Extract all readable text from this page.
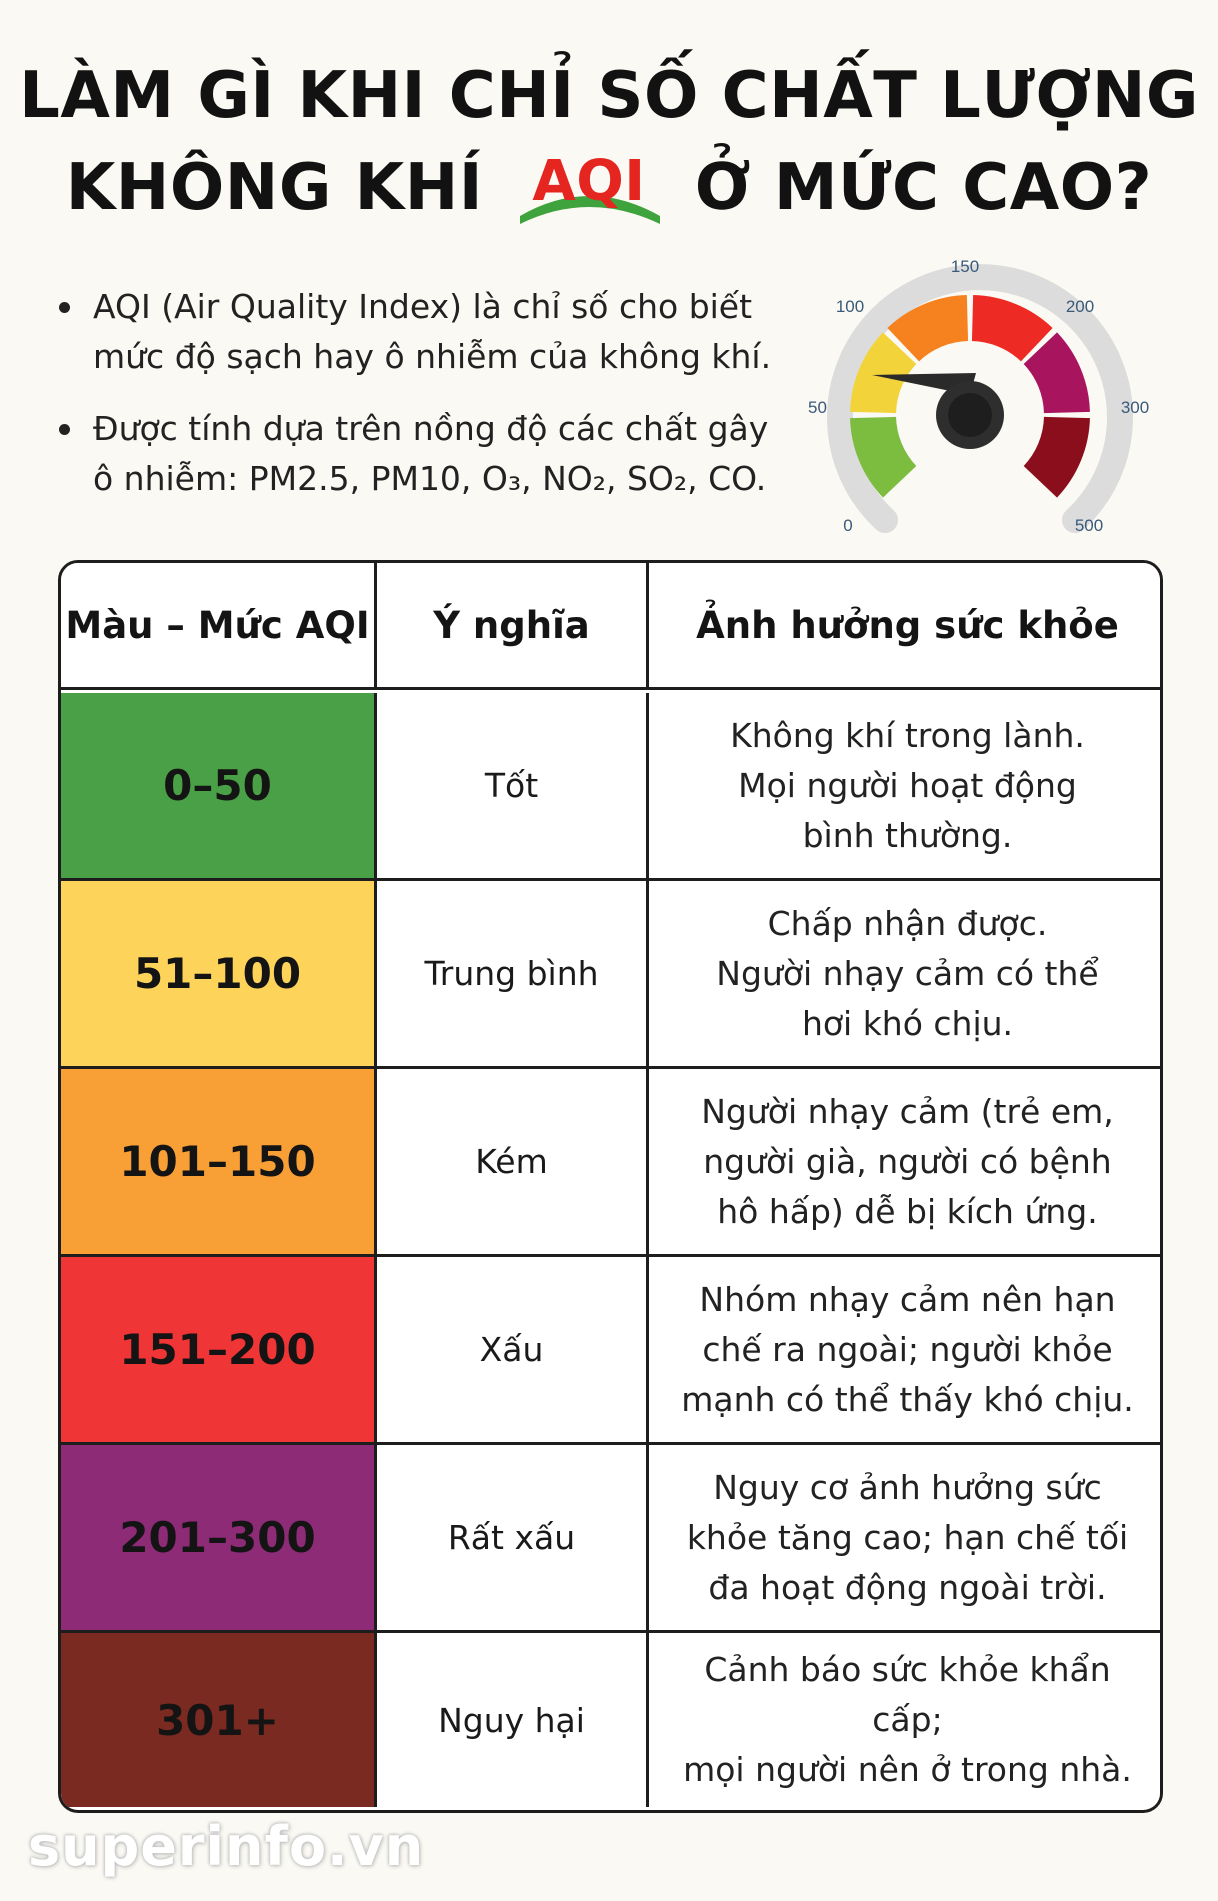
LÀM GÌ KHI CHỈ SỐ CHẤT LƯỢNG
KHÔNG KHÍ AQI Ở MỨC CAO?
AQI (Air Quality Index) là chỉ số cho biết mức độ sạch hay ô nhiễm của không khí.
Được tính dựa trên nồng độ các chất gây ô nhiễm: PM2.5, PM10, O₃, NO₂, SO₂, CO.
0
50
100
150
200
300
500
Màu – Mức AQI	Ý nghĩa	Ảnh hưởng sức khỏe
0–50	Tốt
Không khí trong lành.
Mọi người hoạt động
bình thường.
51–100	Trung bình
Chấp nhận được.
Người nhạy cảm có thể
hơi khó chịu.
101–150	Kém
Người nhạy cảm (trẻ em,
người già, người có bệnh
hô hấp) dễ bị kích ứng.
151–200	Xấu
Nhóm nhạy cảm nên hạn
chế ra ngoài; người khỏe
mạnh có thể thấy khó chịu.
201–300	Rất xấu
Nguy cơ ảnh hưởng sức
khỏe tăng cao; hạn chế tối
đa hoạt động ngoài trời.
301+	Nguy hại
Cảnh báo sức khỏe khẩn cấp;
mọi người nên ở trong nhà.
superinfo.vn
